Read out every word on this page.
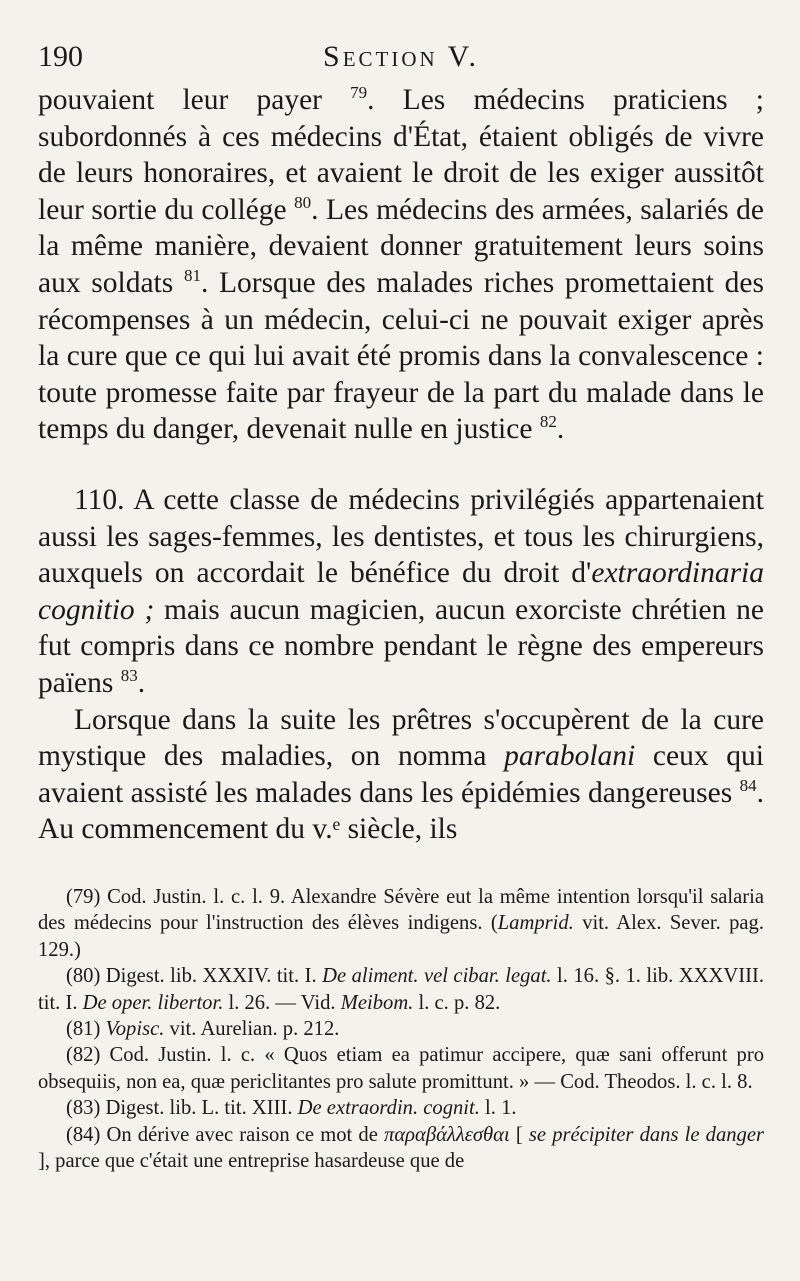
190	Section V.

pouvaient leur payer $^{79}$. Les médecins praticiens ; subordonnés à ces médecins d'État, étaient obligés de vivre de leurs honoraires, et avaient le droit de les exiger aussitôt leur sortie du collége $^{80}$. Les médecins des armées, salariés de la même manière, devaient donner gratuitement leurs soins aux soldats $^{81}$. Lorsque des malades riches promettaient des récompenses à un médecin, celui-ci ne pouvait exiger après la cure que ce qui lui avait été promis dans la convalescence : toute promesse faite par frayeur de la part du malade dans le temps du danger, devenait nulle en justice $^{82}$.

110. A cette classe de médecins privilégiés appartenaient aussi les sages-femmes, les dentistes, et tous les chirurgiens, auxquels on accordait le bénéfice du droit d'extraordinaria cognitio ; mais aucun magicien, aucun exorciste chrétien ne fut compris dans ce nombre pendant le règne des empereurs païens $^{83}$.

Lorsque dans la suite les prêtres s'occupèrent de la cure mystique des maladies, on nomma parabolani ceux qui avaient assisté les malades dans les épidémies dangereuses $^{84}$. Au commencement du v.ᵉ siècle, ils

(79) Cod. Justin. l. c. l. 9. Alexandre Sévère eut la même intention lorsqu'il salaria des médecins pour l'instruction des élèves indigens. (Lamprid. vit. Alex. Sever. pag. 129.)

(80) Digest. lib. XXXIV. tit. I. De aliment. vel cibar. legat. l. 16. §. 1. lib. XXXVIII. tit. I. De oper. libertor. l. 26. — Vid. Meibom. l. c. p. 82.

(81) Vopisc. vit. Aurelian. p. 212.

(82) Cod. Justin. l. c. « Quos etiam ea patimur accipere, quæ sani offerunt pro obsequiis, non ea, quæ periclitantes pro salute promittunt. » — Cod. Theodos. l. c. l. 8.

(83) Digest. lib. L. tit. XIII. De extraordin. cognit. l. 1.

(84) On dérive avec raison ce mot de παραβάλλεσθαι [ se précipiter dans le danger ], parce que c'était une entreprise hasardeuse que de
